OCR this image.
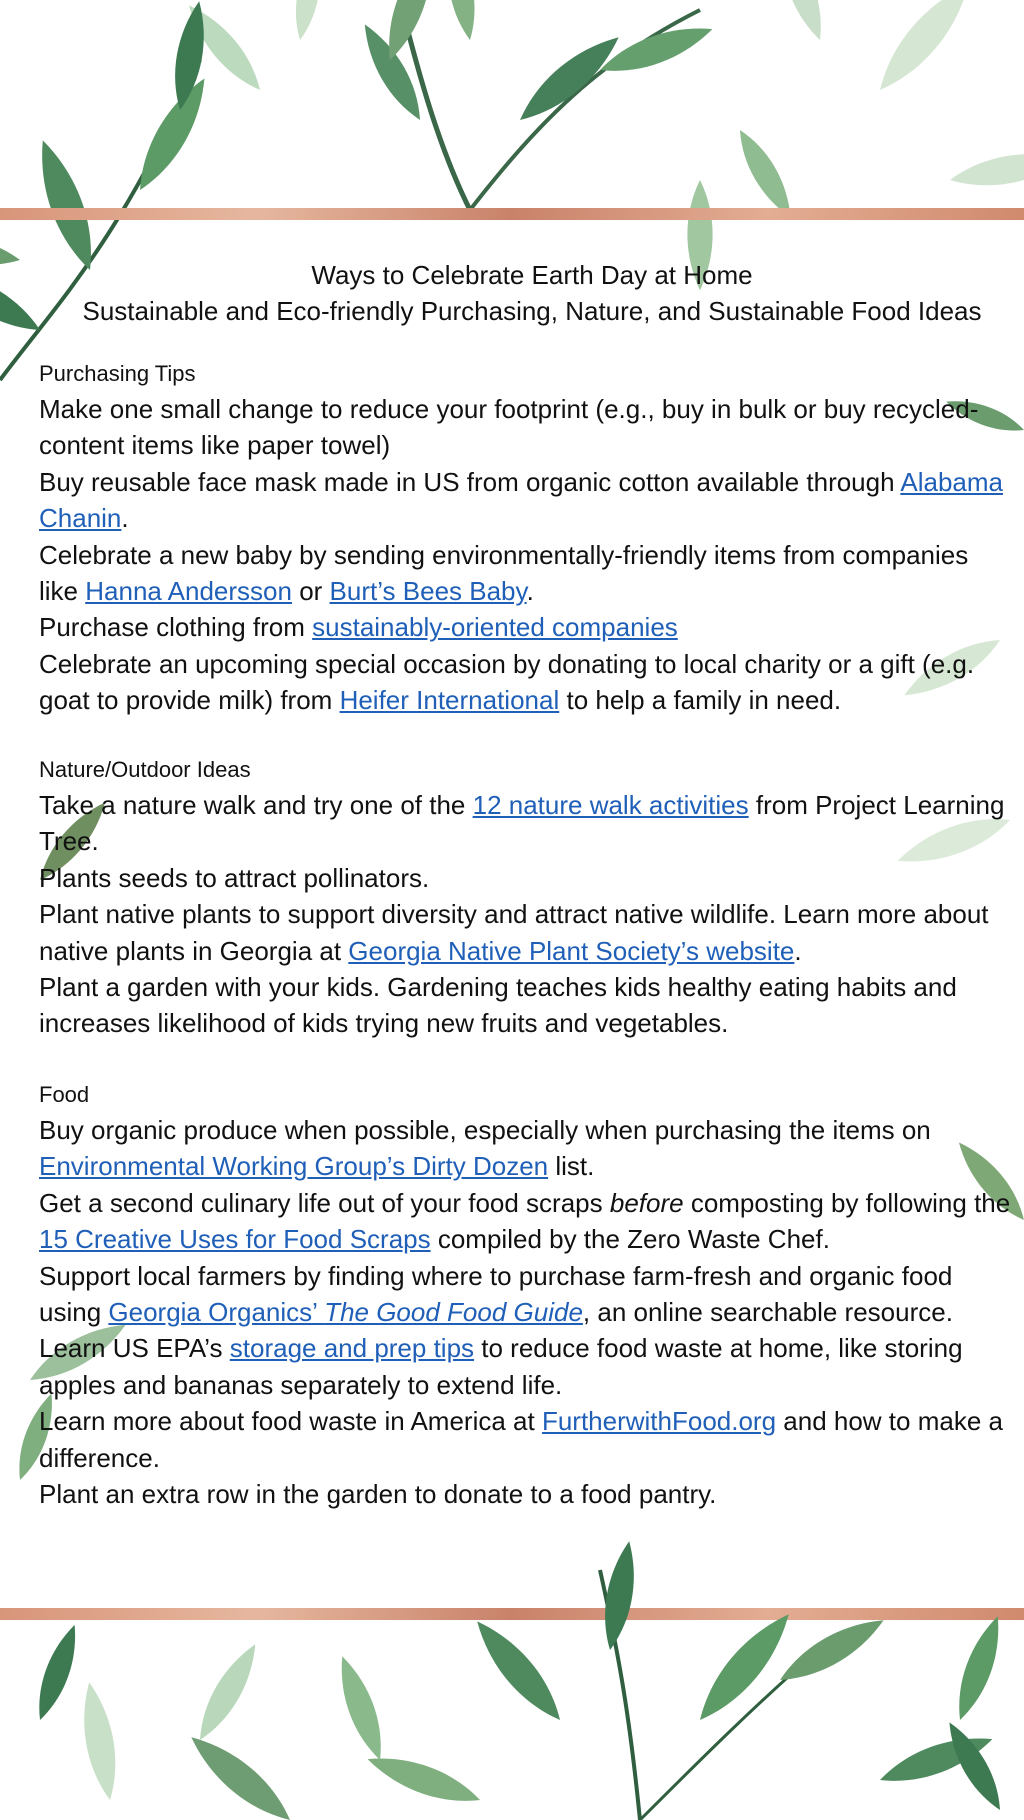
Ways to Celebrate Earth Day at Home
Sustainable and Eco-friendly Purchasing, Nature, and Sustainable Food Ideas
Purchasing Tips

Make one small change to reduce your footprint (e.g., buy in bulk or buy recycled-content items like paper towel)

Buy reusable face mask made in US from organic cotton available through Alabama Chanin.

Celebrate a new baby by sending environmentally-friendly items from companies like Hanna Andersson or Burt’s Bees Baby.

Purchase clothing from sustainably-oriented companies

Celebrate an upcoming special occasion by donating to local charity or a gift (e.g. goat to provide milk) from Heifer International to help a family in need.

Nature/Outdoor Ideas

Take a nature walk and try one of the 12 nature walk activities from Project Learning Tree.

Plants seeds to attract pollinators.

Plant native plants to support diversity and attract native wildlife. Learn more about native plants in Georgia at Georgia Native Plant Society’s website.

Plant a garden with your kids. Gardening teaches kids healthy eating habits and increases likelihood of kids trying new fruits and vegetables.

Food

Buy organic produce when possible, especially when purchasing the items on Environmental Working Group’s Dirty Dozen list.

Get a second culinary life out of your food scraps before composting by following the 15 Creative Uses for Food Scraps compiled by the Zero Waste Chef.

Support local farmers by finding where to purchase farm-fresh and organic food using Georgia Organics’ The Good Food Guide, an online searchable resource.

Learn US EPA’s storage and prep tips to reduce food waste at home, like storing apples and bananas separately to extend life.

Learn more about food waste in America at FurtherwithFood.org and how to make a difference.

Plant an extra row in the garden to donate to a food pantry.
